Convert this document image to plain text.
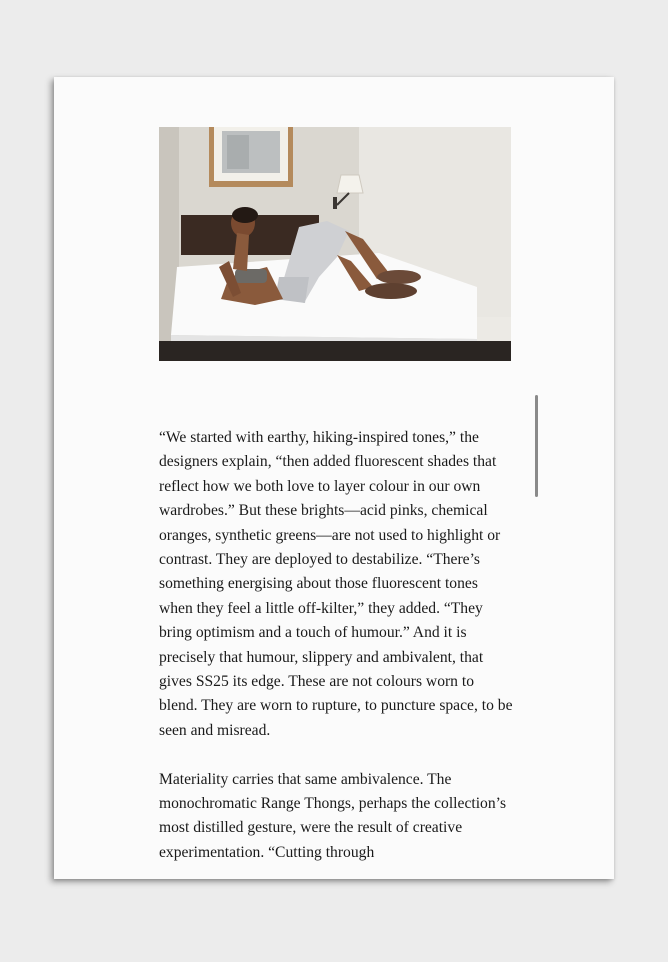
“We started with earthy, hiking-inspired tones,” the designers explain, “then added fluorescent shades that reflect how we both love to layer colour in our own wardrobes.” But these brights—acid pinks, chemical oranges, synthetic greens—are not used to highlight or contrast. They are deployed to destabilize. “There’s something energising about those fluorescent tones when they feel a little off-kilter,” they added. “They bring optimism and a touch of humour.” And it is precisely that humour, slippery and ambivalent, that gives SS25 its edge. These are not colours worn to blend. They are worn to rupture, to puncture space, to be seen and misread.

Materiality carries that same ambivalence. The monochromatic Range Thongs, perhaps the collection’s most distilled gesture, were the result of creative experimentation. “Cutting through
